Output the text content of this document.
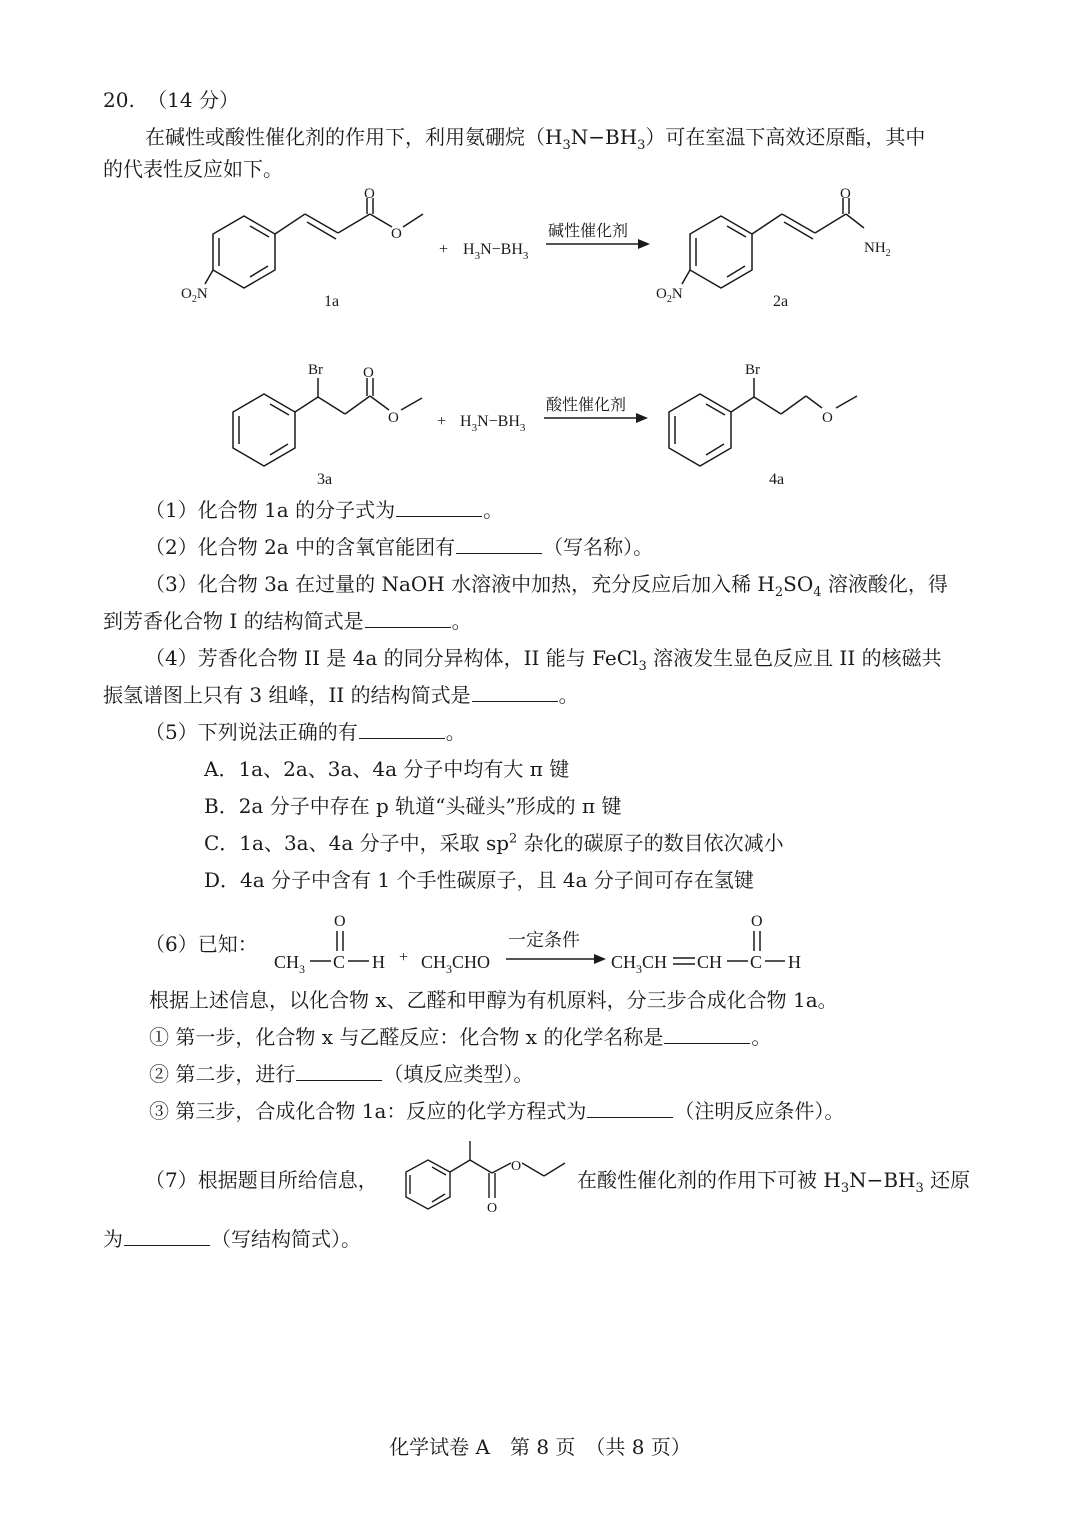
20. （14 分）
在碱性或酸性催化剂的作用下，利用氨硼烷$(H_3N-BH_3)$可在室温下高效还原酯，其中
的代表性反应如下。
O
O
$O_2N$	1a
+ $H_3N-BH_3$
碱性催化剂
O
$NH_2$
$O_2N$	2a
Br	O
O
3a
+ $H_3N-BH_3$
酸性催化剂
Br
O
4a
（1）化合物 1a 的分子式为	。
（2）化合物 2a 中的含氧官能团有	（写名称）。
（3）化合物 3a 在过量的 NaOH 水溶液中加热，充分反应后加入稀 $H_2SO_4$ 溶液酸化，得
到芳香化合物 I 的结构简式是	。
（4）芳香化合物 II 是 4a 的同分异构体，II 能与 FeCl$_3$ 溶液发生显色反应且 II 的核磁共
振氢谱图上只有 3 组峰，II 的结构简式是	。
（5）下列说法正确的有	。
A．1a、2a、3a、4a 分子中均有大 π 键
B．2a 分子中存在 p 轨道“头碰头”形成的 π 键
C．1a、3a、4a 分子中，采取 $sp^2$ 杂化的碳原子的数目依次减小
D．4a 分子中含有 1 个手性碳原子，且 4a 分子间可存在氢键
（6）已知：
$CH_3$ C
O
$H + CH_3CHO$
一定条件
$CH_3CH$ CH C
O
H
根据上述信息，以化合物 x、乙醛和甲醇为有机原料，分三步合成化合物 1a。
① 第一步，化合物 x 与乙醛反应：化合物 x 的化学名称是	。
② 第二步，进行	（填反应类型）。
③ 第三步，合成化合物 1a：反应的化学方程式为	（注明反应条件）。
（7）根据题目所给信息，
O
O
在酸性催化剂的作用下可被 $H_3N-BH_3$ 还原
为	（写结构简式）。
化学试卷 A　第 8 页　（共 8 页）
